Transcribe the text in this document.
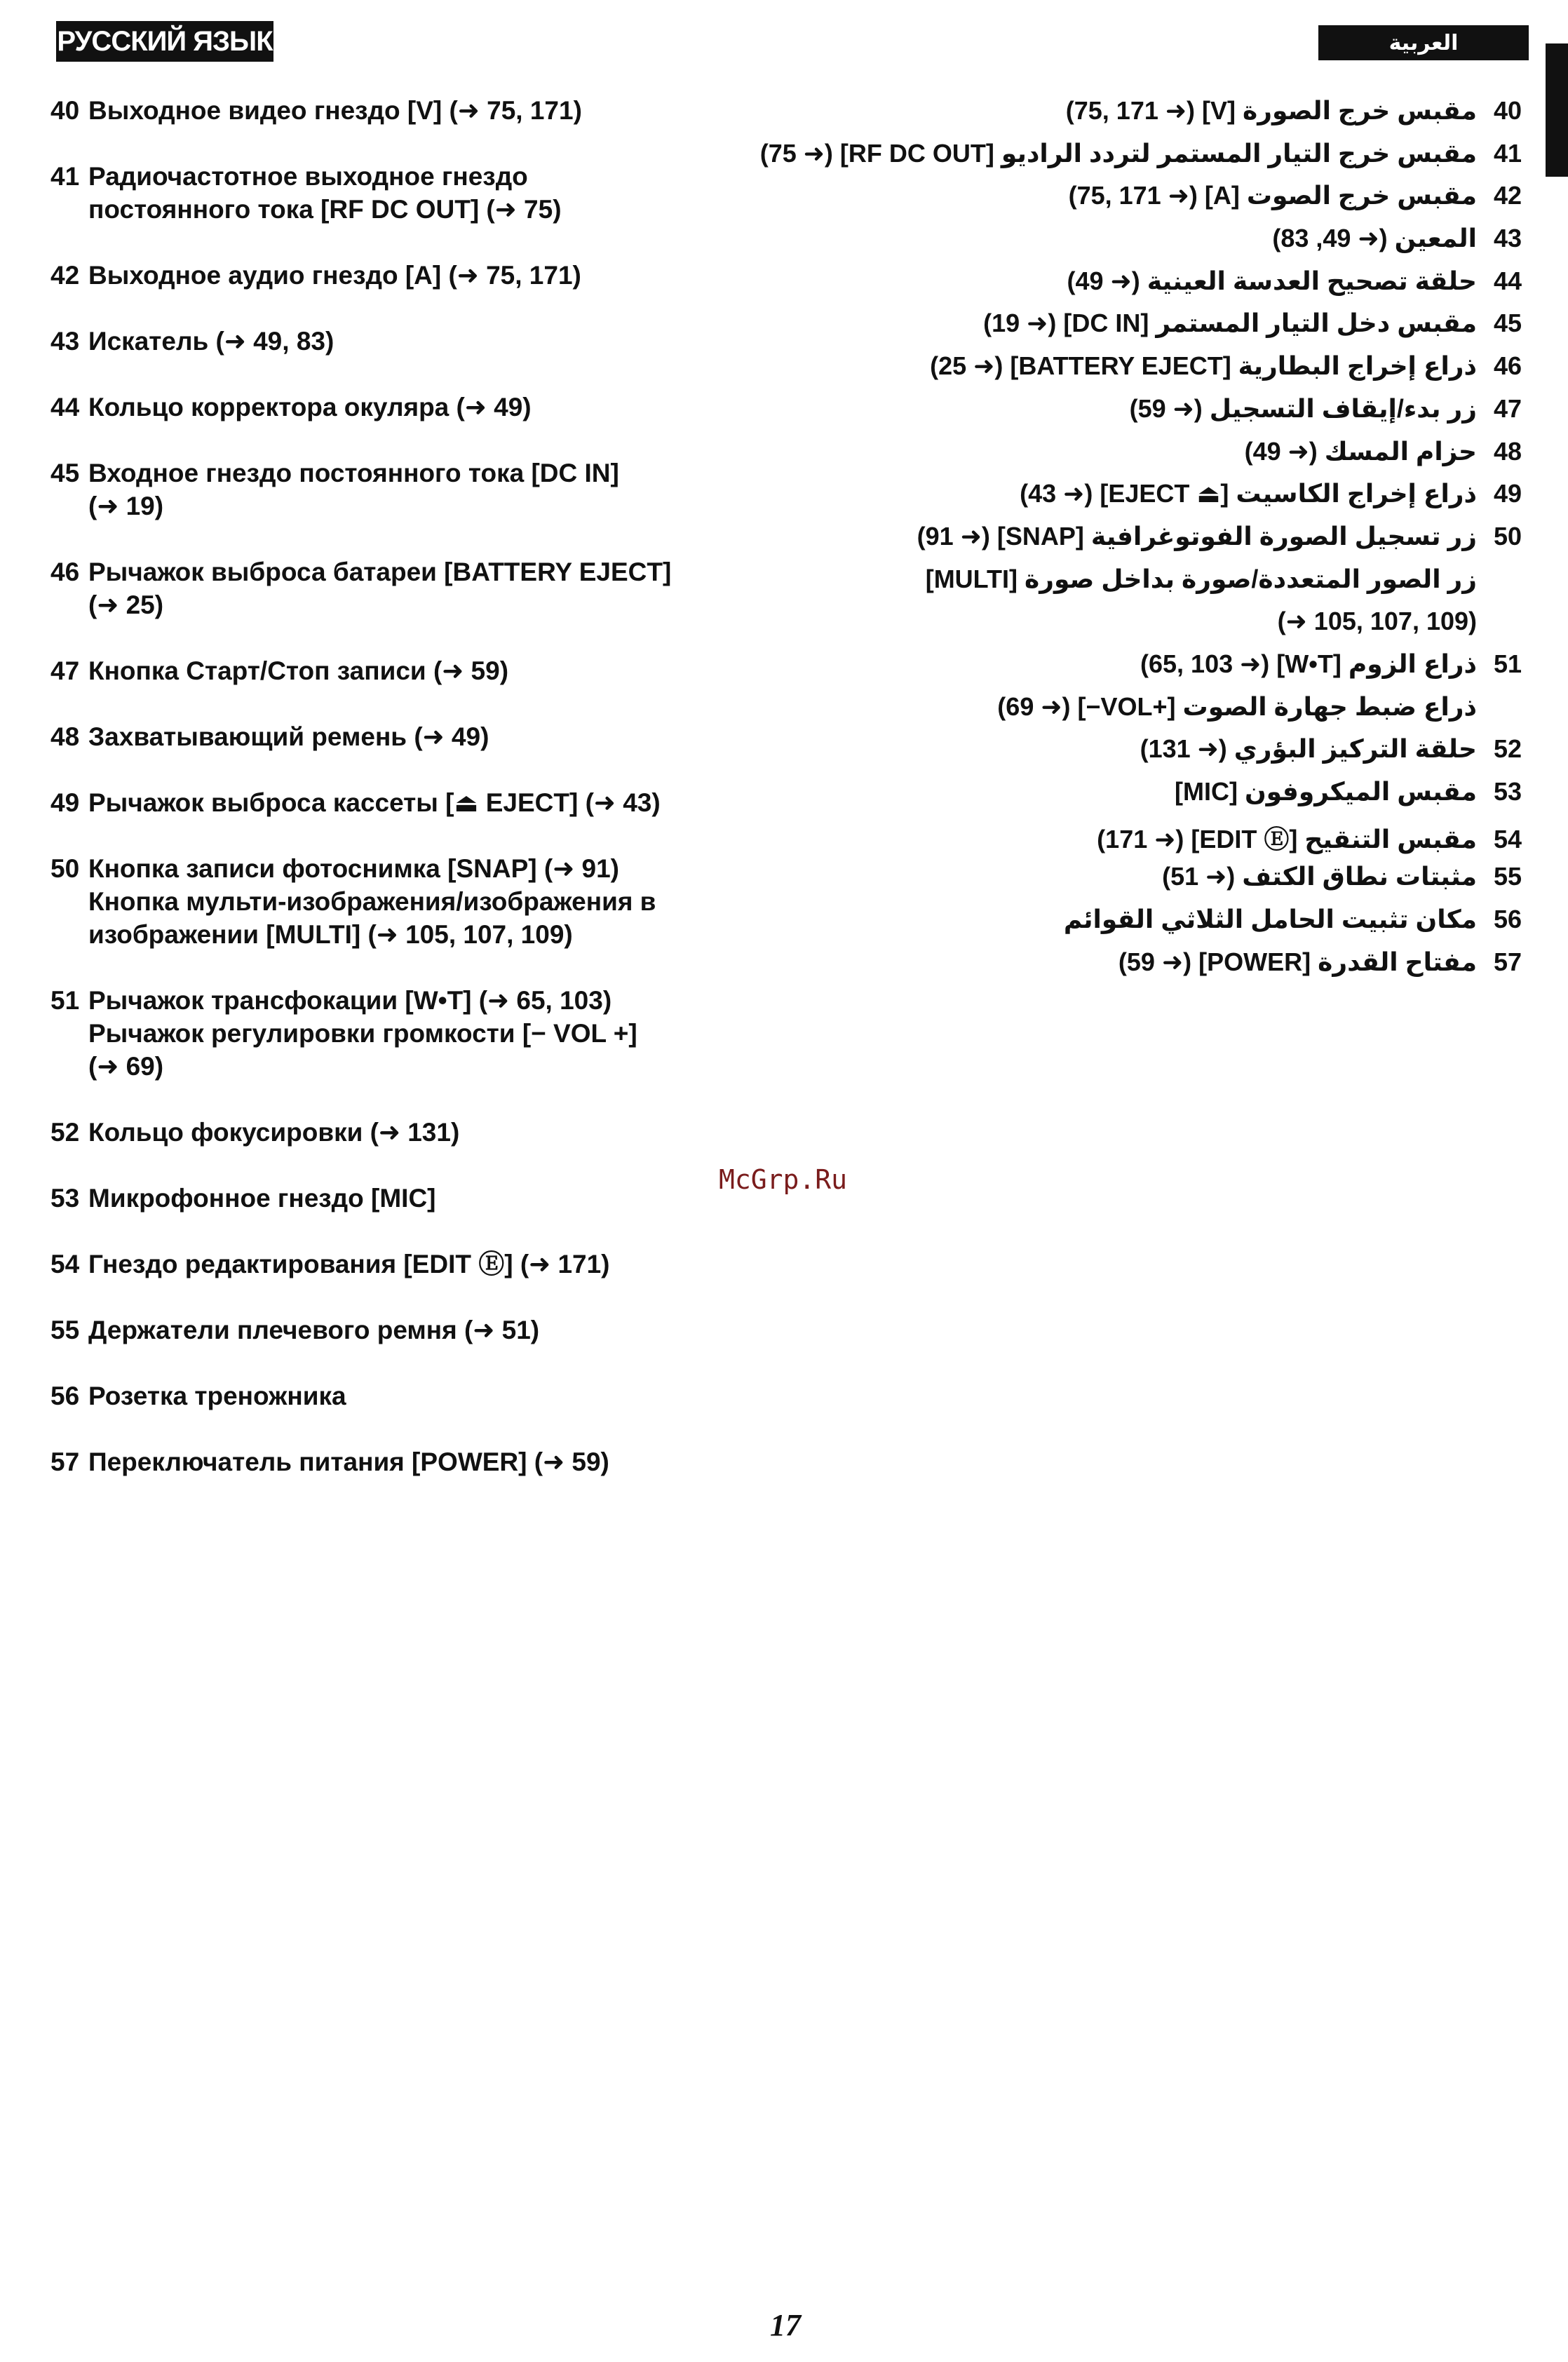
РУССКИЙ ЯЗЫК	العربية
40 Выходное видео гнездо [V] (➜ 75, 171)
41 Радиочастотное выходное гнездо
постоянного тока [RF DC OUT] (➜ 75)
42 Выходное аудио гнездо [A] (➜ 75, 171)
43 Искатель (➜ 49, 83)
44 Кольцо корректора окуляра (➜ 49)
45 Входное гнездо постоянного тока [DC IN]
(➜ 19)
46 Рычажок выброса батареи [BATTERY EJECT]
(➜ 25)
47 Кнопка Старт/Стоп записи (➜ 59)
48 Захватывающий ремень (➜ 49)
49 Рычажок выброса кассеты [⏏ EJECT] (➜ 43)
50 Кнопка записи фотоснимка [SNAP] (➜ 91)
Кнопка мульти-изображения/изображения в
изображении [MULTI] (➜ 105, 107, 109)
51 Рычажок трансфокации [W•T] (➜ 65, 103)
Рычажок регулировки громкости [− VOL +]
(➜ 69)
52 Кольцо фокусировки (➜ 131)
53 Микрофонное гнездо [MIC]
54 Гнездо редактирования [EDIT Ⓔ] (➜ 171)
55 Держатели плечевого ремня (➜ 51)
56 Розетка треножника
57 Переключатель питания [POWER] (➜ 59)
مقبس خرج الصورة [V] (➜ 75, 171) 40
مقبس خرج التيار المستمر لتردد الراديو [RF DC OUT] (➜ 75) 41
مقبس خرج الصوت [A] (➜ 75, 171) 42
المعين (➜ 49, 83) 43
حلقة تصحيح العدسة العينية (➜ 49) 44
مقبس دخل التيار المستمر [DC IN] (➜ 19) 45
ذراع إخراج البطارية [BATTERY EJECT] (➜ 25) 46
زر بدء/إيقاف التسجيل (➜ 59) 47
حزام المسك (➜ 49) 48
ذراع إخراج الكاسيت [⏏ EJECT] (➜ 43) 49
زر تسجيل الصورة الفوتوغرافية [SNAP] (➜ 91) 50
زر الصور المتعددة/صورة بداخل صورة [MULTI]
(➜ 105, 107, 109)
ذراع الزوم [W•T] (➜ 65, 103) 51
ذراع ضبط جهارة الصوت [+VOL−] (➜ 69)
حلقة التركيز البؤري (➜ 131) 52
مقبس الميكروفون [MIC] 53
مقبس التنقيح [EDIT Ⓔ] (➜ 171) 54
مثبتات نطاق الكتف (➜ 51) 55
مكان تثبيت الحامل الثلاثي القوائم 56
مفتاح القدرة [POWER] (➜ 59) 57
McGrp.Ru
17
